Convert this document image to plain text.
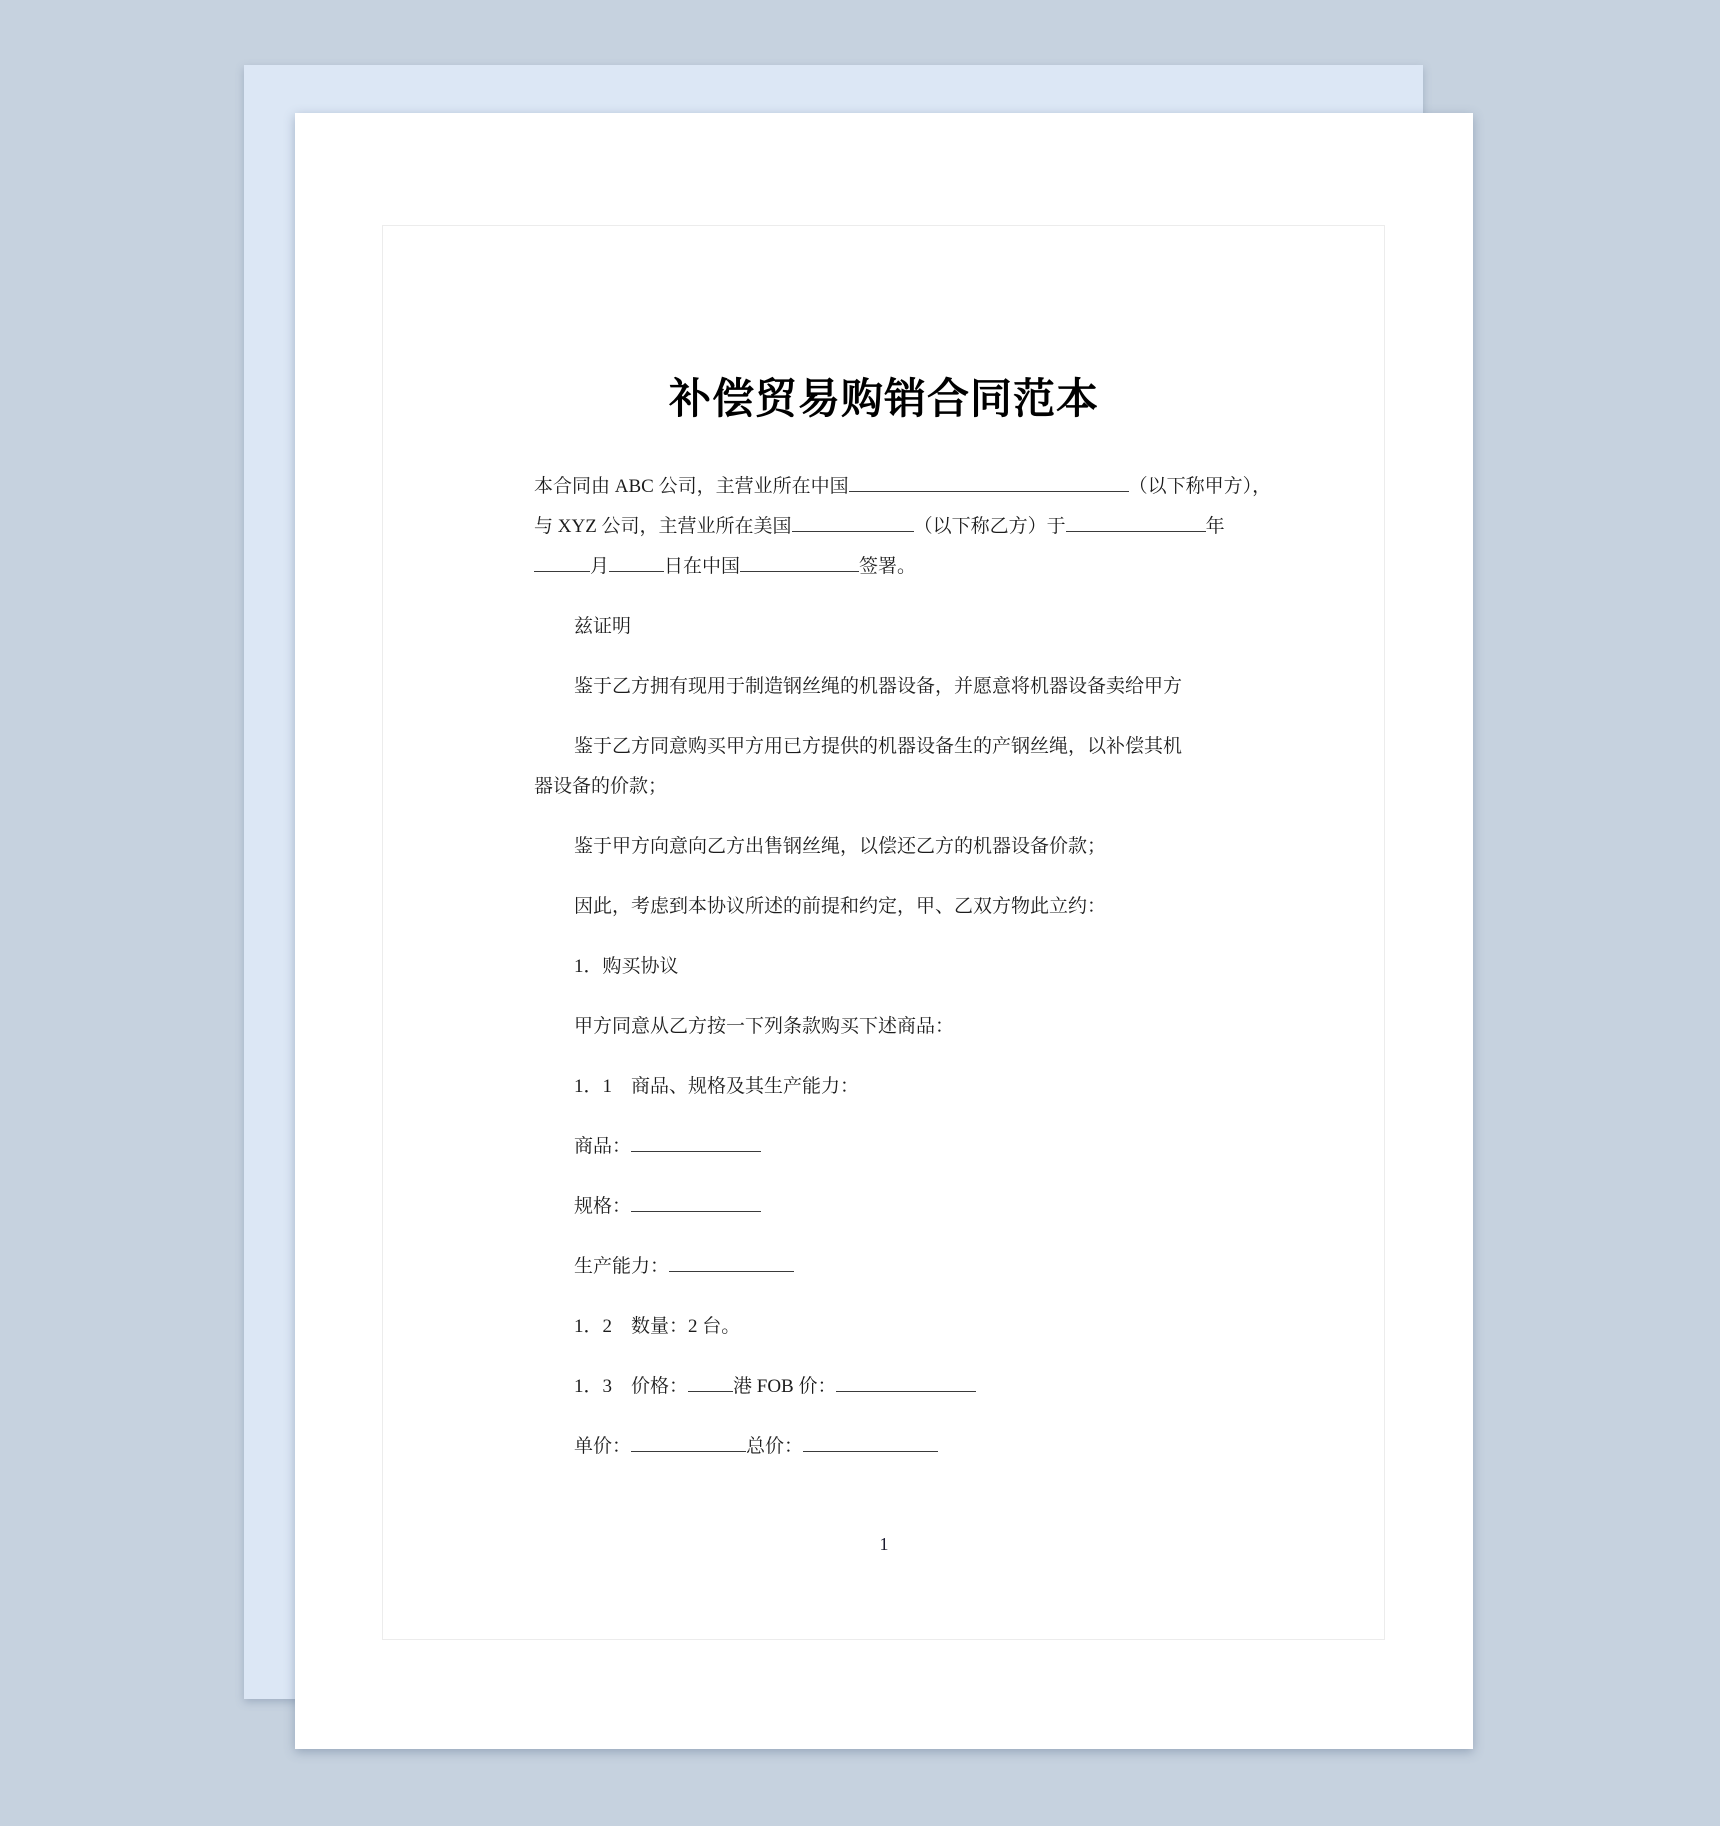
补偿贸易购销合同范本
本合同由 ABC 公司，主营业所在中国	（以下称甲方），
与 XYZ 公司，主营业所在美国	（以下称乙方）于	年
月	日在中国	签署。
兹证明
鉴于乙方拥有现用于制造钢丝绳的机器设备，并愿意将机器设备卖给甲方
鉴于乙方同意购买甲方用已方提供的机器设备生的产钢丝绳，以补偿其机
器设备的价款；
鉴于甲方向意向乙方出售钢丝绳，以偿还乙方的机器设备价款；
因此，考虑到本协议所述的前提和约定，甲、乙双方物此立约：
1．购买协议
甲方同意从乙方按一下列条款购买下述商品：
1．1　商品、规格及其生产能力：
商品：
规格：
生产能力：
1．2　数量：2 台。
1．3　价格： 港 FOB 价：
单价：	总价：
1
